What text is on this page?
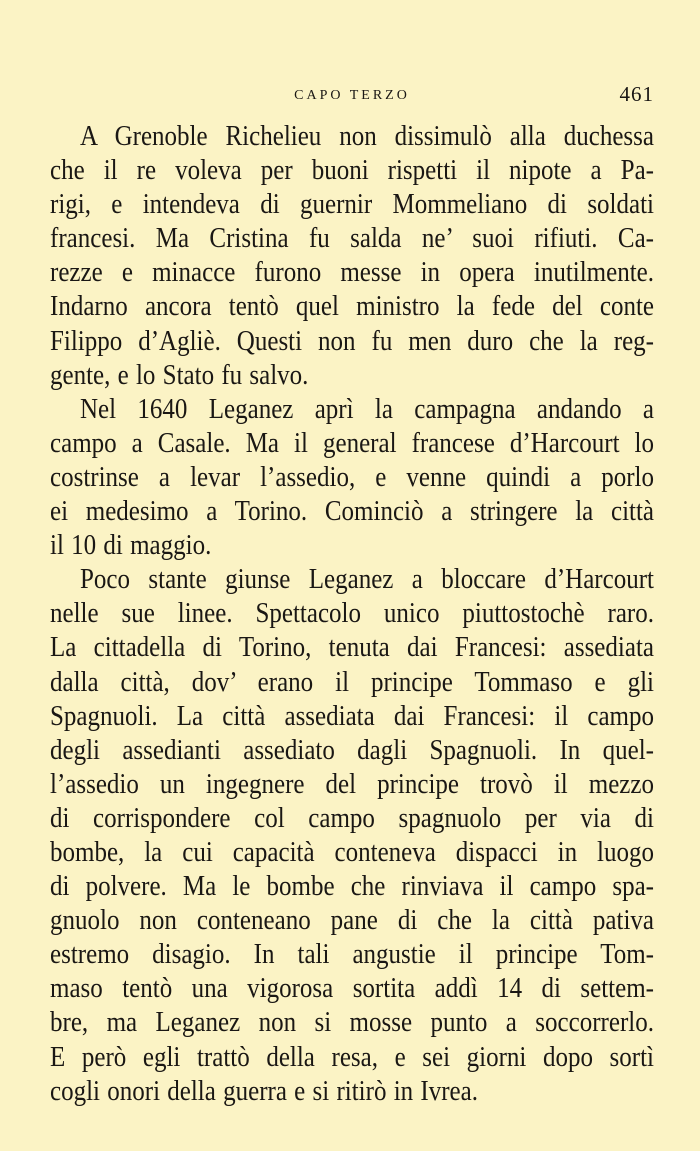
CAPO TERZO	461
A Grenoble Richelieu non dissimulò alla duchessa
che il re voleva per buoni rispetti il nipote a Pa-
rigi, e intendeva di guernir Mommeliano di soldati
francesi. Ma Cristina fu salda ne’ suoi rifiuti. Ca-
rezze e minacce furono messe in opera inutilmente.
Indarno ancora tentò quel ministro la fede del conte
Filippo d’Agliè. Questi non fu men duro che la reg-
gente, e lo Stato fu salvo.
Nel 1640 Leganez aprì la campagna andando a
campo a Casale. Ma il general francese d’Harcourt lo
costrinse a levar l’assedio, e venne quindi a porlo
ei medesimo a Torino. Cominciò a stringere la città
il 10 di maggio.
Poco stante giunse Leganez a bloccare d’Harcourt
nelle sue linee. Spettacolo unico piuttostochè raro.
La cittadella di Torino, tenuta dai Francesi: assediata
dalla città, dov’ erano il principe Tommaso e gli
Spagnuoli. La città assediata dai Francesi: il campo
degli assedianti assediato dagli Spagnuoli. In quel-
l’assedio un ingegnere del principe trovò il mezzo
di corrispondere col campo spagnuolo per via di
bombe, la cui capacità conteneva dispacci in luogo
di polvere. Ma le bombe che rinviava il campo spa-
gnuolo non conteneano pane di che la città pativa
estremo disagio. In tali angustie il principe Tom-
maso tentò una vigorosa sortita addì 14 di settem-
bre, ma Leganez non si mosse punto a soccorrerlo.
E però egli trattò della resa, e sei giorni dopo sortì
cogli onori della guerra e si ritirò in Ivrea.
